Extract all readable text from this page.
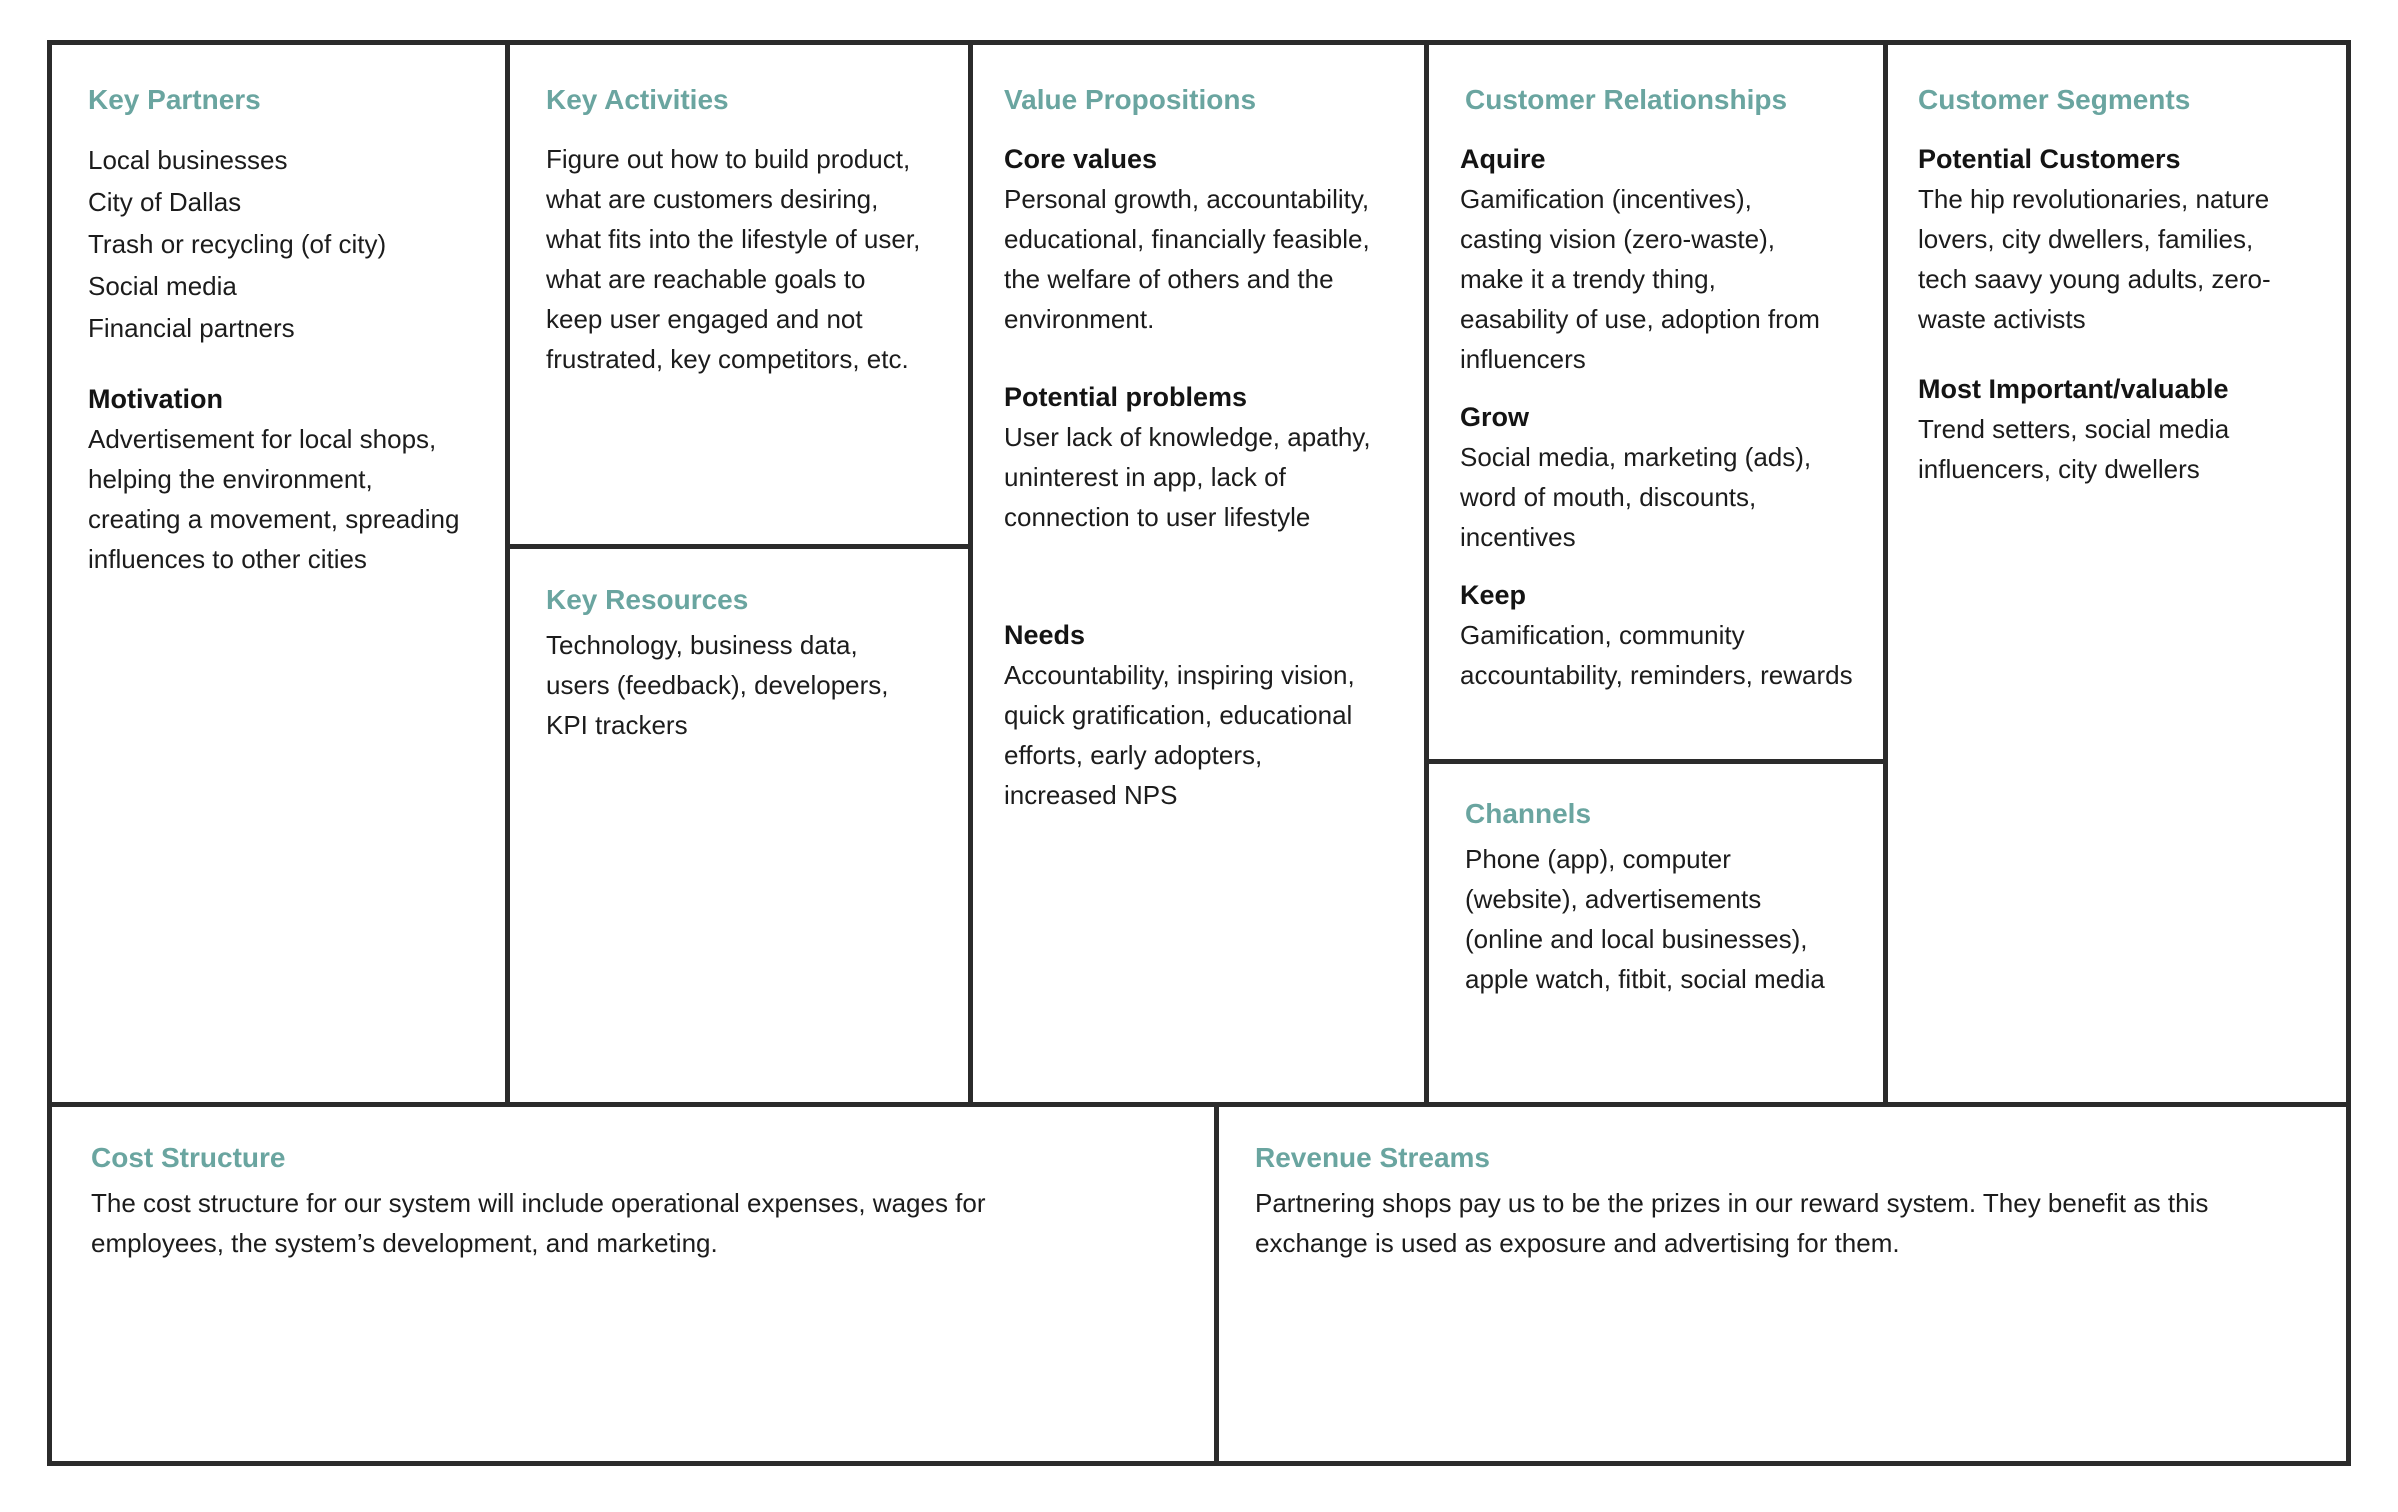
Key Partners

Local businesses

City of Dallas

Trash or recycling (of city)

Social media

Financial partners

Motivation

Advertisement for local shops,
helping the environment,
creating a movement, spreading
influences to other cities

Key Activities

Figure out how to build product,
what are customers desiring,
what fits into the lifestyle of user,
what are reachable goals to
keep user engaged and not
frustrated, key competitors, etc.

Key Resources

Technology, business data,
users (feedback), developers,
KPI trackers

Value Propositions

Core values

Personal growth, accountability,
educational, financially feasible,
the welfare of others and the
environment.

Potential problems

User lack of knowledge, apathy,
uninterest in app, lack of
connection to user lifestyle

Needs

Accountability, inspiring vision,
quick gratification, educational
efforts, early adopters,
increased NPS

Customer Relationships

Aquire

Gamification (incentives),
casting vision (zero-waste),
make it a trendy thing,
easability of use, adoption from
influencers

Grow

Social media, marketing (ads),
word of mouth, discounts,
incentives

Keep

Gamification, community
accountability, reminders, rewards

Channels

Phone (app), computer
(website), advertisements
(online and local businesses),
apple watch, fitbit, social media

Customer Segments

Potential Customers

The hip revolutionaries, nature
lovers, city dwellers, families,
tech saavy young adults, zero-
waste activists

Most Important/valuable

Trend setters, social media
influencers, city dwellers

Cost Structure

The cost structure for our system will include operational expenses, wages for
employees, the system’s development, and marketing.

Revenue Streams

Partnering shops pay us to be the prizes in our reward system. They benefit as this
exchange is used as exposure and advertising for them.
